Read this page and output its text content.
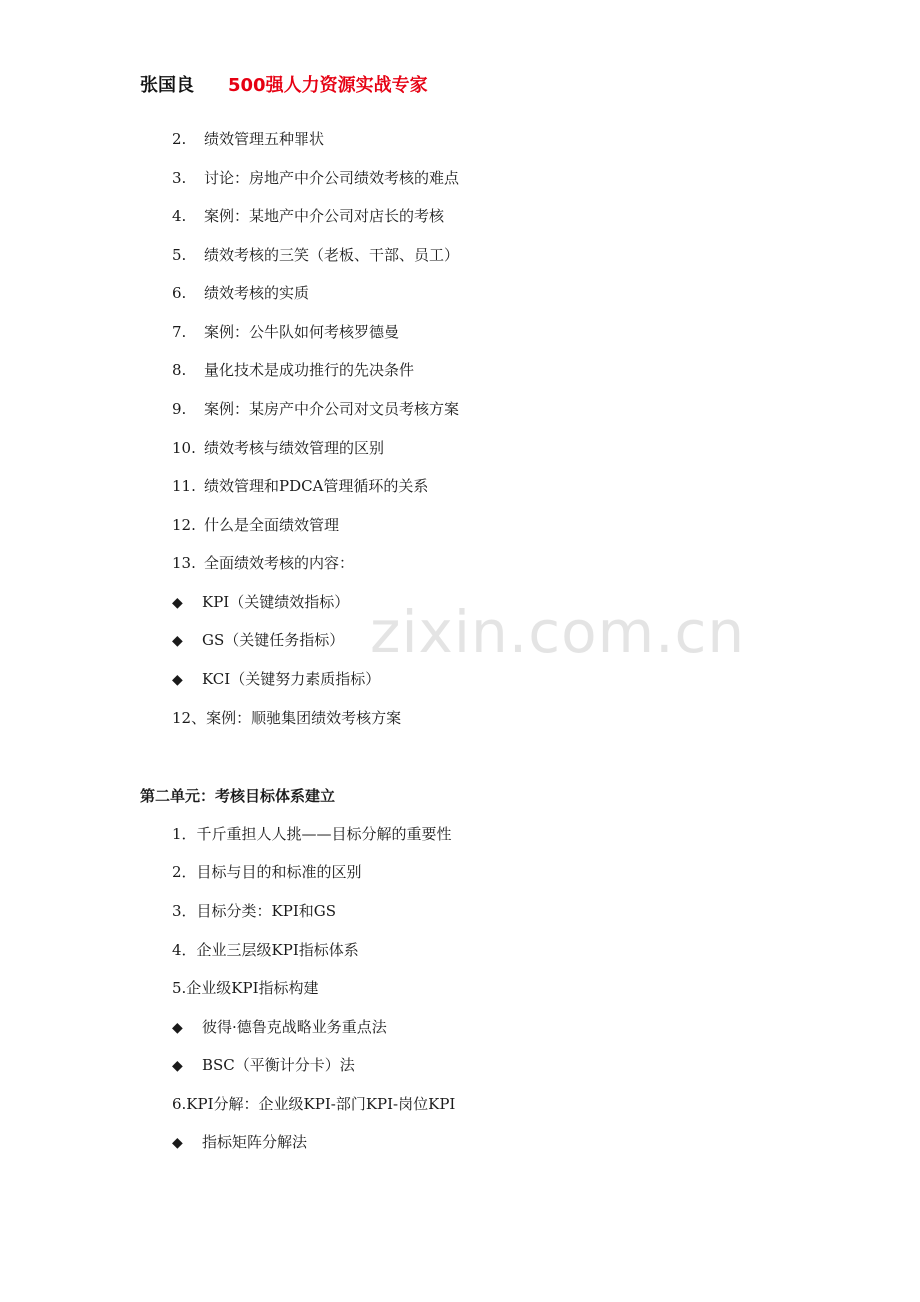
张国良 500强人力资源实战专家
2. 绩效管理五种罪状
3. 讨论：房地产中介公司绩效考核的难点
4. 案例：某地产中介公司对店长的考核
5. 绩效考核的三笑（老板、干部、员工）
6. 绩效考核的实质
7. 案例：公牛队如何考核罗德曼
8. 量化技术是成功推行的先决条件
9. 案例：某房产中介公司对文员考核方案
10. 绩效考核与绩效管理的区别
11. 绩效管理和PDCA管理循环的关系
12. 什么是全面绩效管理
13. 全面绩效考核的内容：
◆ KPI（关键绩效指标）
◆ GS（关键任务指标）
◆ KCI（关键努力素质指标）
12、案例：顺驰集团绩效考核方案
第二单元：考核目标体系建立
1．千斤重担人人挑——目标分解的重要性
2．目标与目的和标准的区别
3．目标分类：KPI和GS
4．企业三层级KPI指标体系
5.企业级KPI指标构建
◆ 彼得·德鲁克战略业务重点法
◆ BSC（平衡计分卡）法
6.KPI分解：企业级KPI-部门KPI-岗位KPI
◆ 指标矩阵分解法
zixin.com.cn
